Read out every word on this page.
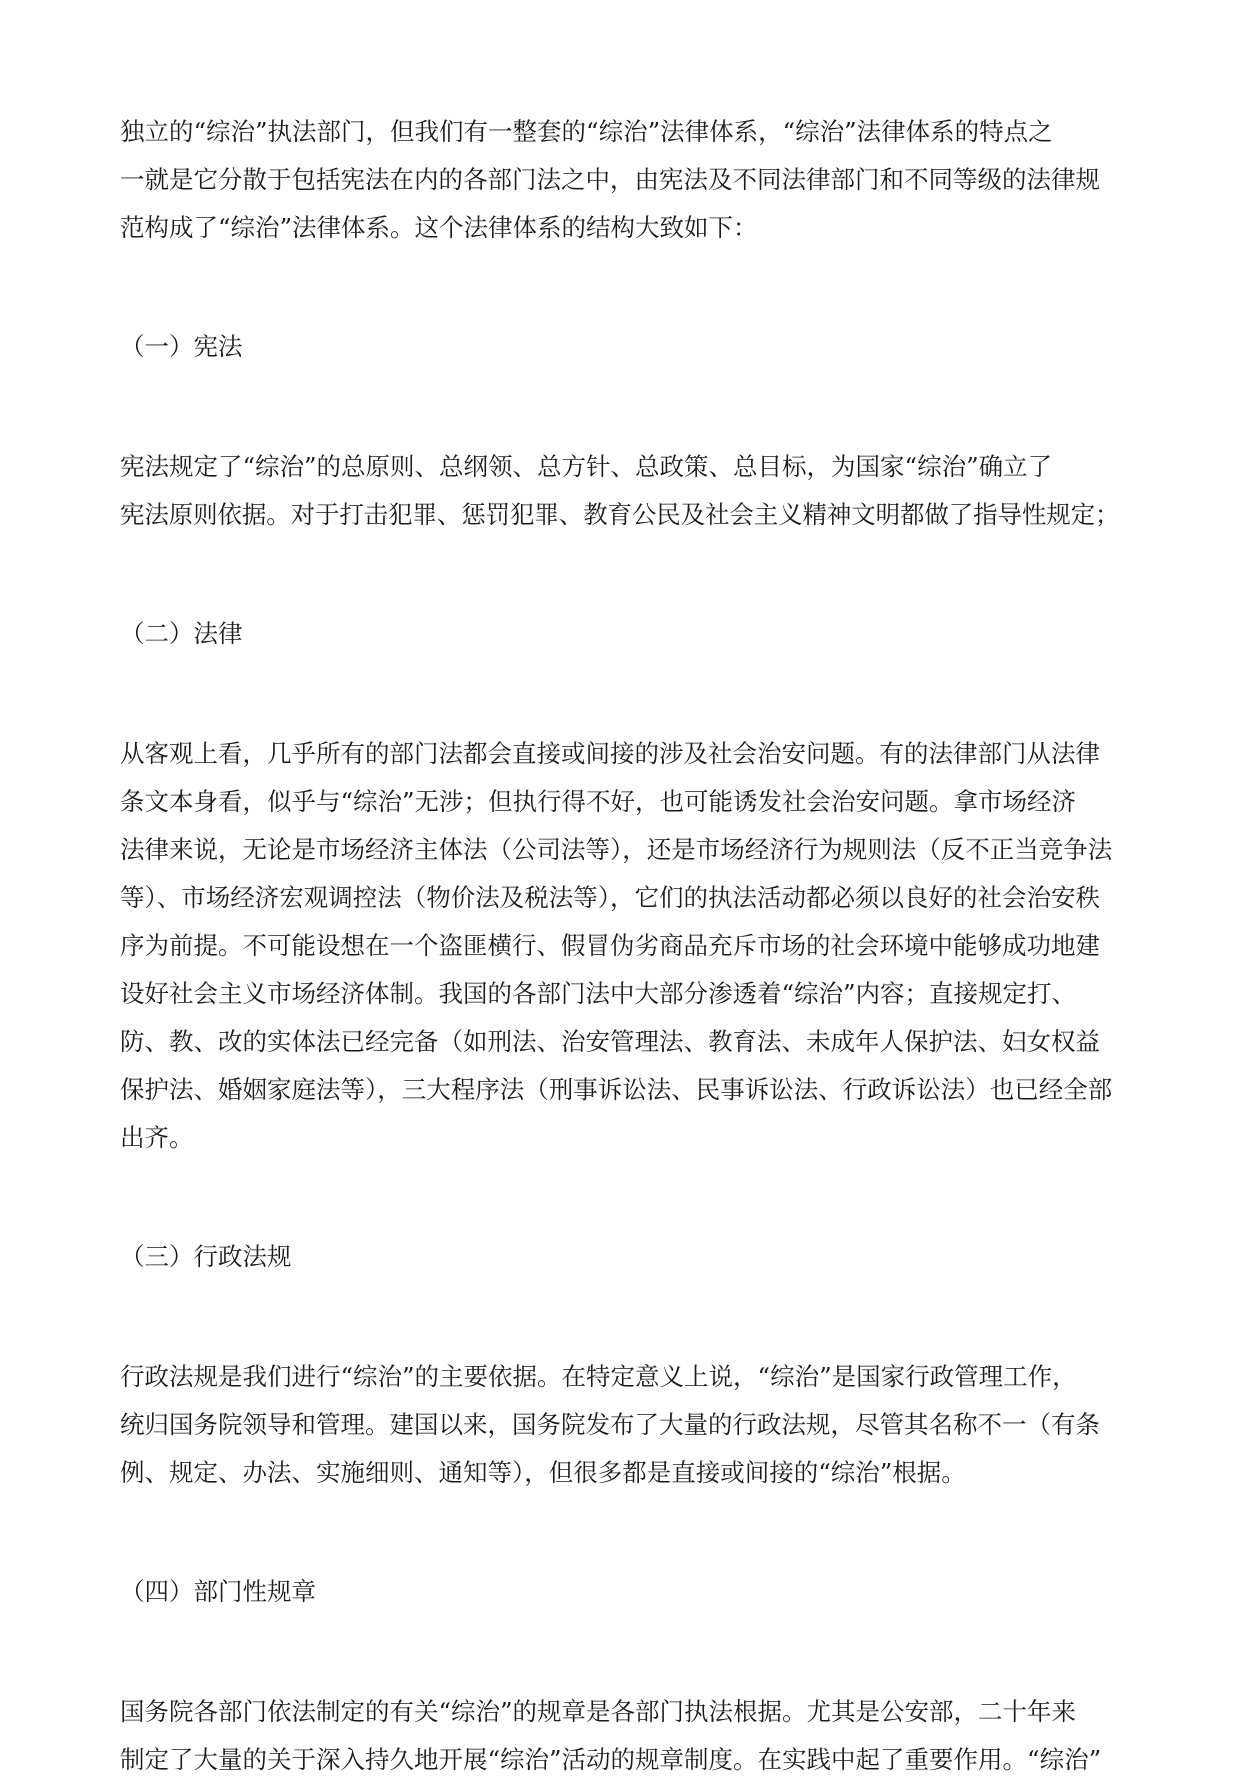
独立的“综治”执法部门，但我们有一整套的“综治”法律体系，“综治”法律体系的特点之
一就是它分散于包括宪法在内的各部门法之中，由宪法及不同法律部门和不同等级的法律规
范构成了“综治”法律体系。这个法律体系的结构大致如下：

（一）宪法

宪法规定了“综治”的总原则、总纲领、总方针、总政策、总目标，为国家“综治”确立了
宪法原则依据。对于打击犯罪、惩罚犯罪、教育公民及社会主义精神文明都做了指导性规定；

（二）法律

从客观上看，几乎所有的部门法都会直接或间接的涉及社会治安问题。有的法律部门从法律
条文本身看，似乎与“综治”无涉；但执行得不好，也可能诱发社会治安问题。拿市场经济
法律来说，无论是市场经济主体法（公司法等），还是市场经济行为规则法（反不正当竞争法
等）、市场经济宏观调控法（物价法及税法等），它们的执法活动都必须以良好的社会治安秩
序为前提。不可能设想在一个盗匪横行、假冒伪劣商品充斥市场的社会环境中能够成功地建
设好社会主义市场经济体制。我国的各部门法中大部分渗透着“综治”内容；直接规定打、
防、教、改的实体法已经完备（如刑法、治安管理法、教育法、未成年人保护法、妇女权益
保护法、婚姻家庭法等），三大程序法（刑事诉讼法、民事诉讼法、行政诉讼法）也已经全部
出齐。

（三）行政法规

行政法规是我们进行“综治”的主要依据。在特定意义上说，“综治”是国家行政管理工作，
统归国务院领导和管理。建国以来，国务院发布了大量的行政法规，尽管其名称不一（有条
例、规定、办法、实施细则、通知等），但很多都是直接或间接的“综治”根据。

（四）部门性规章

国务院各部门依法制定的有关“综治”的规章是各部门执法根据。尤其是公安部，二十年来
制定了大量的关于深入持久地开展“综治”活动的规章制度。在实践中起了重要作用。“综治”
